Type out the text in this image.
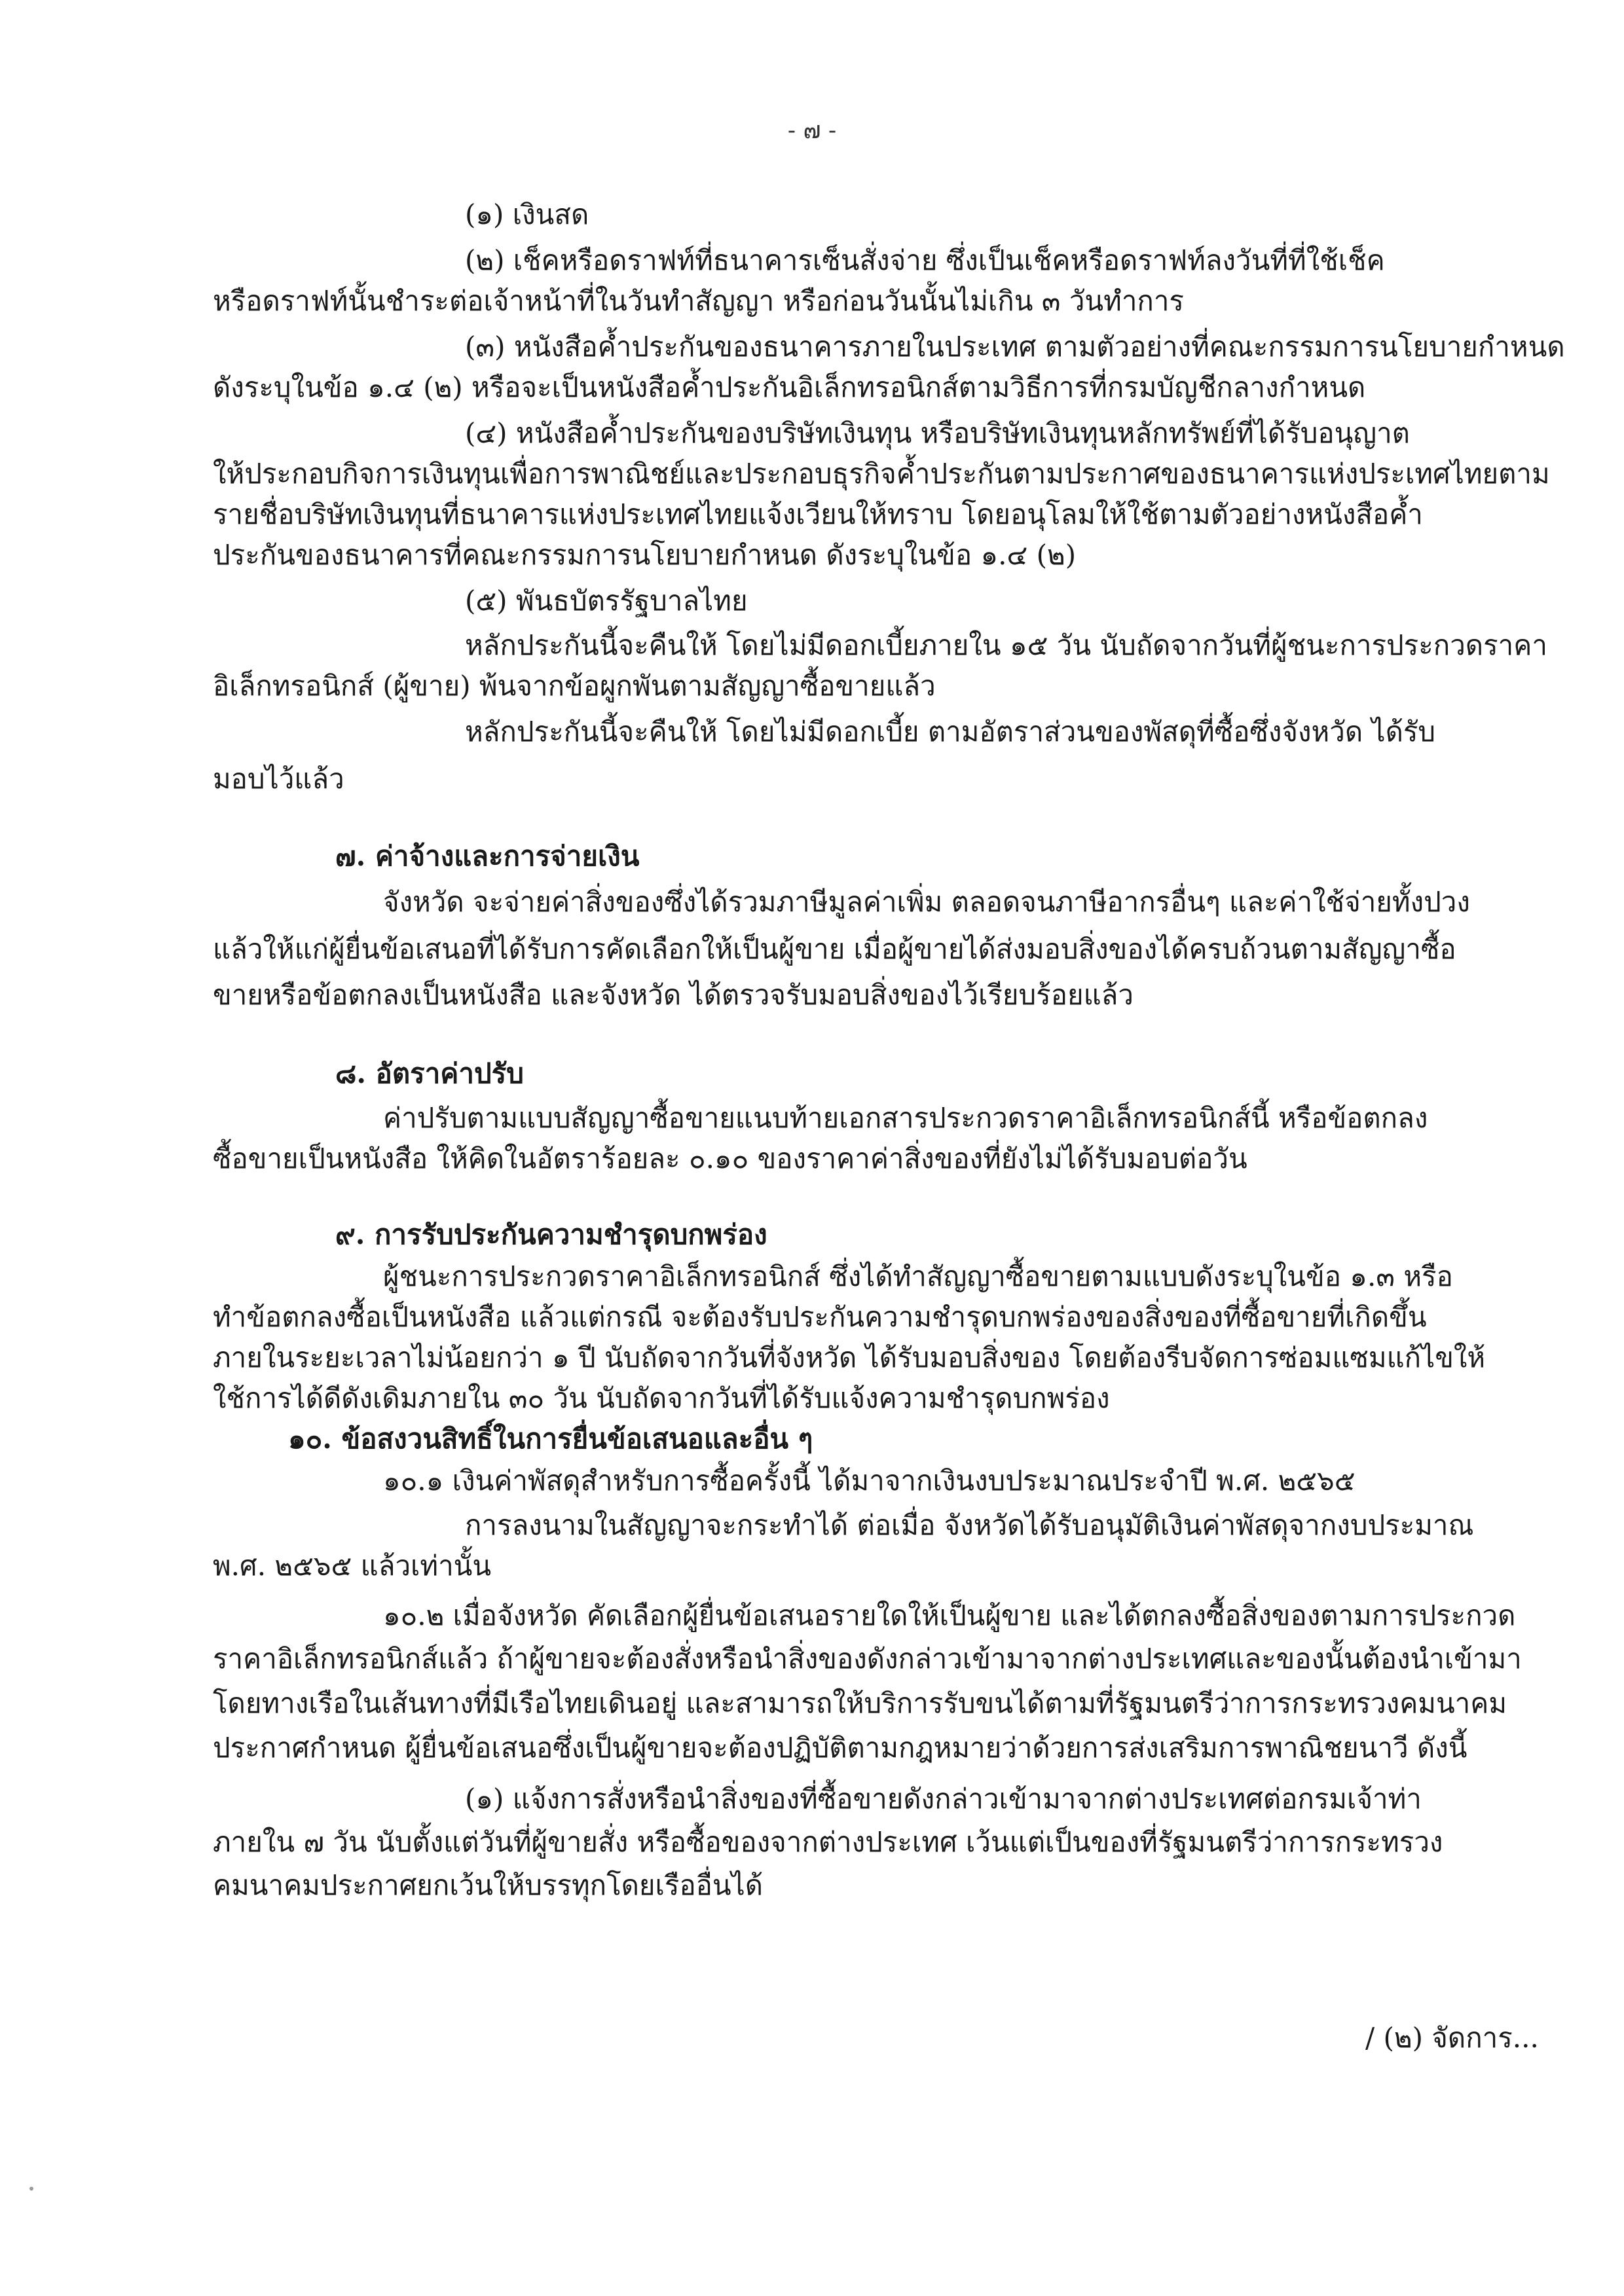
- ๗ -
(๑) เงินสด
(๒) เช็คหรือดราฟท์ที่ธนาคารเซ็นสั่งจ่าย ซึ่งเป็นเช็คหรือดราฟท์ลงวันที่ที่ใช้เช็ค
หรือดราฟท์นั้นชำระต่อเจ้าหน้าที่ในวันทำสัญญา หรือก่อนวันนั้นไม่เกิน ๓ วันทำการ
(๓) หนังสือค้ำประกันของธนาคารภายในประเทศ ตามตัวอย่างที่คณะกรรมการนโยบายกำหนด
ดังระบุในข้อ ๑.๔ (๒) หรือจะเป็นหนังสือค้ำประกันอิเล็กทรอนิกส์ตามวิธีการที่กรมบัญชีกลางกำหนด
(๔) หนังสือค้ำประกันของบริษัทเงินทุน หรือบริษัทเงินทุนหลักทรัพย์ที่ได้รับอนุญาต
ให้ประกอบกิจการเงินทุนเพื่อการพาณิชย์และประกอบธุรกิจค้ำประกันตามประกาศของธนาคารแห่งประเทศไทยตาม
รายชื่อบริษัทเงินทุนที่ธนาคารแห่งประเทศไทยแจ้งเวียนให้ทราบ โดยอนุโลมให้ใช้ตามตัวอย่างหนังสือค้ำ
ประกันของธนาคารที่คณะกรรมการนโยบายกำหนด ดังระบุในข้อ ๑.๔ (๒)
(๕) พันธบัตรรัฐบาลไทย
หลักประกันนี้จะคืนให้ โดยไม่มีดอกเบี้ยภายใน ๑๕ วัน นับถัดจากวันที่ผู้ชนะการประกวดราคา
อิเล็กทรอนิกส์ (ผู้ขาย) พ้นจากข้อผูกพันตามสัญญาซื้อขายแล้ว
หลักประกันนี้จะคืนให้ โดยไม่มีดอกเบี้ย ตามอัตราส่วนของพัสดุที่ซื้อซึ่งจังหวัด ได้รับ
มอบไว้แล้ว
๗. ค่าจ้างและการจ่ายเงิน
จังหวัด จะจ่ายค่าสิ่งของซึ่งได้รวมภาษีมูลค่าเพิ่ม ตลอดจนภาษีอากรอื่นๆ และค่าใช้จ่ายทั้งปวง
แล้วให้แก่ผู้ยื่นข้อเสนอที่ได้รับการคัดเลือกให้เป็นผู้ขาย เมื่อผู้ขายได้ส่งมอบสิ่งของได้ครบถ้วนตามสัญญาซื้อ
ขายหรือข้อตกลงเป็นหนังสือ และจังหวัด ได้ตรวจรับมอบสิ่งของไว้เรียบร้อยแล้ว
๘. อัตราค่าปรับ
ค่าปรับตามแบบสัญญาซื้อขายแนบท้ายเอกสารประกวดราคาอิเล็กทรอนิกส์นี้ หรือข้อตกลง
ซื้อขายเป็นหนังสือ ให้คิดในอัตราร้อยละ ๐.๑๐ ของราคาค่าสิ่งของที่ยังไม่ได้รับมอบต่อวัน
๙. การรับประกันความชำรุดบกพร่อง
ผู้ชนะการประกวดราคาอิเล็กทรอนิกส์ ซึ่งได้ทำสัญญาซื้อขายตามแบบดังระบุในข้อ ๑.๓ หรือ
ทำข้อตกลงซื้อเป็นหนังสือ แล้วแต่กรณี จะต้องรับประกันความชำรุดบกพร่องของสิ่งของที่ซื้อขายที่เกิดขึ้น
ภายในระยะเวลาไม่น้อยกว่า ๑ ปี นับถัดจากวันที่จังหวัด ได้รับมอบสิ่งของ โดยต้องรีบจัดการซ่อมแซมแก้ไขให้
ใช้การได้ดีดังเดิมภายใน ๓๐ วัน นับถัดจากวันที่ได้รับแจ้งความชำรุดบกพร่อง
๑๐. ข้อสงวนสิทธิ์ในการยื่นข้อเสนอและอื่น ๆ
๑๐.๑ เงินค่าพัสดุสำหรับการซื้อครั้งนี้ ได้มาจากเงินงบประมาณประจำปี พ.ศ. ๒๕๖๕
การลงนามในสัญญาจะกระทำได้ ต่อเมื่อ จังหวัดได้รับอนุมัติเงินค่าพัสดุจากงบประมาณ
พ.ศ. ๒๕๖๕ แล้วเท่านั้น
๑๐.๒ เมื่อจังหวัด คัดเลือกผู้ยื่นข้อเสนอรายใดให้เป็นผู้ขาย และได้ตกลงซื้อสิ่งของตามการประกวด
ราคาอิเล็กทรอนิกส์แล้ว ถ้าผู้ขายจะต้องสั่งหรือนำสิ่งของดังกล่าวเข้ามาจากต่างประเทศและของนั้นต้องนำเข้ามา
โดยทางเรือในเส้นทางที่มีเรือไทยเดินอยู่ และสามารถให้บริการรับขนได้ตามที่รัฐมนตรีว่าการกระทรวงคมนาคม
ประกาศกำหนด ผู้ยื่นข้อเสนอซึ่งเป็นผู้ขายจะต้องปฏิบัติตามกฎหมายว่าด้วยการส่งเสริมการพาณิชยนาวี ดังนี้
(๑) แจ้งการสั่งหรือนำสิ่งของที่ซื้อขายดังกล่าวเข้ามาจากต่างประเทศต่อกรมเจ้าท่า
ภายใน ๗ วัน นับตั้งแต่วันที่ผู้ขายสั่ง หรือซื้อของจากต่างประเทศ เว้นแต่เป็นของที่รัฐมนตรีว่าการกระทรวง
คมนาคมประกาศยกเว้นให้บรรทุกโดยเรืออื่นได้
/ (๒) จัดการ...
